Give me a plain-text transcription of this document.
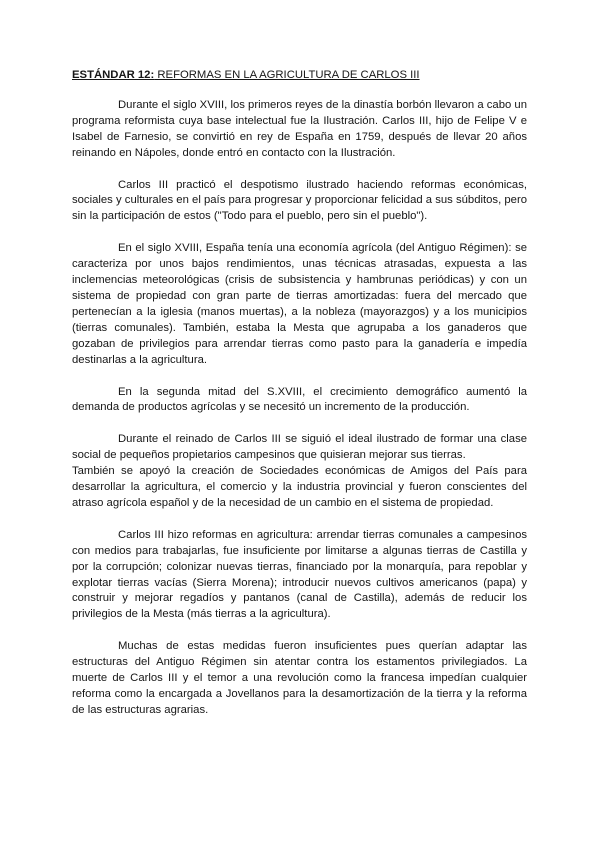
ESTÁNDAR 12: REFORMAS EN LA AGRICULTURA DE CARLOS III

Durante el siglo XVIII, los primeros reyes de la dinastía borbón llevaron a cabo un programa reformista cuya base intelectual fue la Ilustración. Carlos III, hijo de Felipe V e Isabel de Farnesio, se convirtió en rey de España en 1759, después de llevar 20 años reinando en Nápoles, donde entró en contacto con la Ilustración.

Carlos III practicó el despotismo ilustrado haciendo reformas económicas, sociales y culturales en el país para progresar y proporcionar felicidad a sus súbditos, pero sin la participación de estos ("Todo para el pueblo, pero sin el pueblo").

En el siglo XVIII, España tenía una economía agrícola (del Antiguo Régimen): se caracteriza por unos bajos rendimientos, unas técnicas atrasadas, expuesta a las inclemencias meteorológicas (crisis de subsistencia y hambrunas periódicas) y con un sistema de propiedad con gran parte de tierras amortizadas: fuera del mercado que pertenecían a la iglesia (manos muertas), a la nobleza (mayorazgos) y a los municipios (tierras comunales). También, estaba la Mesta que agrupaba a los ganaderos que gozaban de privilegios para arrendar tierras como pasto para la ganadería e impedía destinarlas a la agricultura.

En la segunda mitad del S.XVIII, el crecimiento demográfico aumentó la demanda de productos agrícolas y se necesitó un incremento de la producción.

Durante el reinado de Carlos III se siguió el ideal ilustrado de formar una clase social de pequeños propietarios campesinos que quisieran mejorar sus tierras.

También se apoyó la creación de Sociedades económicas de Amigos del País para desarrollar la agricultura, el comercio y la industria provincial y fueron conscientes del atraso agrícola español y de la necesidad de un cambio en el sistema de propiedad.

Carlos III hizo reformas en agricultura: arrendar tierras comunales a campesinos con medios para trabajarlas, fue insuficiente por limitarse a algunas tierras de Castilla y por la corrupción; colonizar nuevas tierras, financiado por la monarquía, para repoblar y explotar tierras vacías (Sierra Morena); introducir nuevos cultivos americanos (papa) y construir y mejorar regadíos y pantanos (canal de Castilla), además de reducir los privilegios de la Mesta (más tierras a la agricultura).

Muchas de estas medidas fueron insuficientes pues querían adaptar las estructuras del Antiguo Régimen sin atentar contra los estamentos privilegiados. La muerte de Carlos III y el temor a una revolución como la francesa impedían cualquier reforma como la encargada a Jovellanos para la desamortización de la tierra y la reforma de las estructuras agrarias.
